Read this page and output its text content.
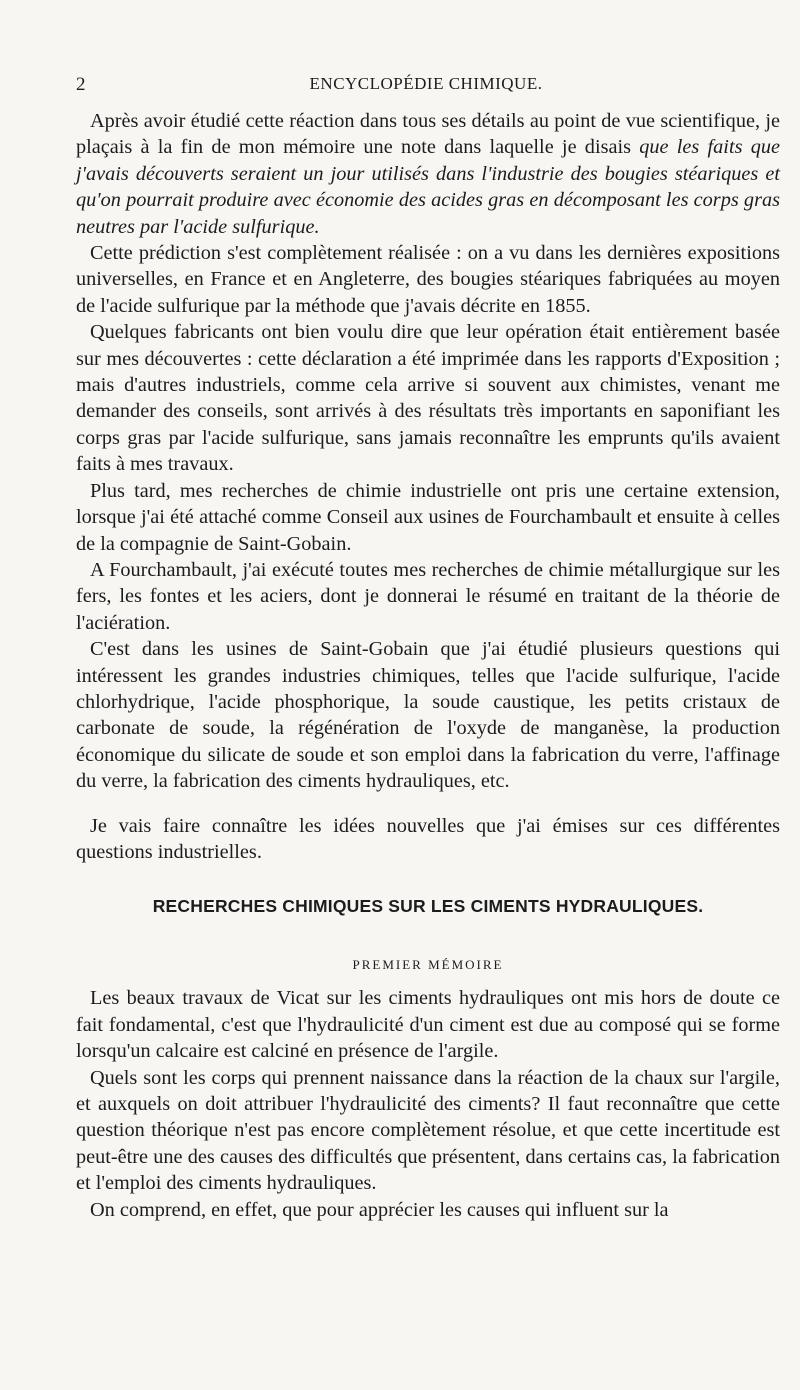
2	ENCYCLOPÉDIE CHIMIQUE.

Après avoir étudié cette réaction dans tous ses détails au point de vue scientifique, je plaçais à la fin de mon mémoire une note dans laquelle je disais que les faits que j'avais découverts seraient un jour utilisés dans l'industrie des bougies stéariques et qu'on pourrait produire avec économie des acides gras en décomposant les corps gras neutres par l'acide sulfurique.

Cette prédiction s'est complètement réalisée : on a vu dans les dernières expositions universelles, en France et en Angleterre, des bougies stéariques fabriquées au moyen de l'acide sulfurique par la méthode que j'avais décrite en 1855.

Quelques fabricants ont bien voulu dire que leur opération était entièrement basée sur mes découvertes : cette déclaration a été imprimée dans les rapports d'Exposition ; mais d'autres industriels, comme cela arrive si souvent aux chimistes, venant me demander des conseils, sont arrivés à des résultats très importants en saponifiant les corps gras par l'acide sulfurique, sans jamais reconnaître les emprunts qu'ils avaient faits à mes travaux.

Plus tard, mes recherches de chimie industrielle ont pris une certaine extension, lorsque j'ai été attaché comme Conseil aux usines de Fourchambault et ensuite à celles de la compagnie de Saint-Gobain.

A Fourchambault, j'ai exécuté toutes mes recherches de chimie métallurgique sur les fers, les fontes et les aciers, dont je donnerai le résumé en traitant de la théorie de l'aciération.

C'est dans les usines de Saint-Gobain que j'ai étudié plusieurs questions qui intéressent les grandes industries chimiques, telles que l'acide sulfurique, l'acide chlorhydrique, l'acide phosphorique, la soude caustique, les petits cristaux de carbonate de soude, la régénération de l'oxyde de manganèse, la production économique du silicate de soude et son emploi dans la fabrication du verre, l'affinage du verre, la fabrication des ciments hydrauliques, etc.

Je vais faire connaître les idées nouvelles que j'ai émises sur ces différentes questions industrielles.

RECHERCHES CHIMIQUES SUR LES CIMENTS HYDRAULIQUES.
PREMIER MÉMOIRE

Les beaux travaux de Vicat sur les ciments hydrauliques ont mis hors de doute ce fait fondamental, c'est que l'hydraulicité d'un ciment est due au composé qui se forme lorsqu'un calcaire est calciné en présence de l'argile.

Quels sont les corps qui prennent naissance dans la réaction de la chaux sur l'argile, et auxquels on doit attribuer l'hydraulicité des ciments? Il faut reconnaître que cette question théorique n'est pas encore complètement résolue, et que cette incertitude est peut-être une des causes des difficultés que présentent, dans certains cas, la fabrication et l'emploi des ciments hydrauliques.

On comprend, en effet, que pour apprécier les causes qui influent sur la
